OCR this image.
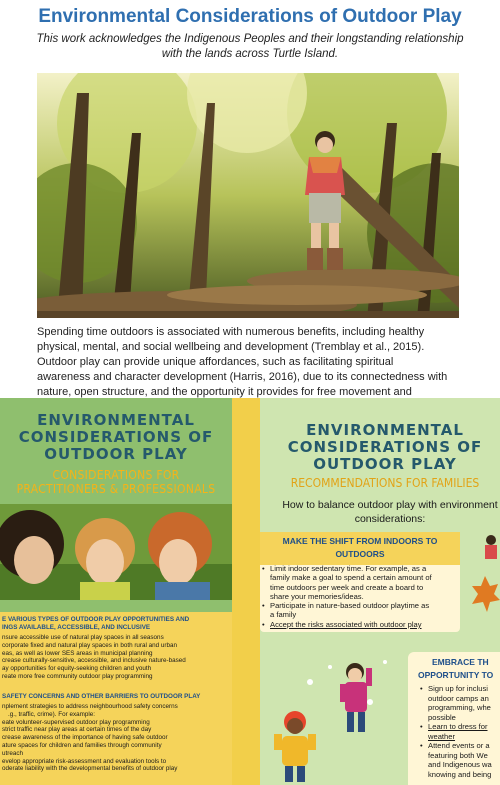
Environmental Considerations of Outdoor Play
This work acknowledges the Indigenous Peoples and their longstanding relationship
with the lands across Turtle Island.
Spending time outdoors is associated with numerous benefits, including healthy
physical, mental, and social wellbeing and development (Tremblay et al., 2015).
Outdoor play can provide unique affordances, such as facilitating spiritual
awareness and character development (Harris, 2016), due to its connectedness with
nature, open structure, and the opportunity it provides for free movement and
ENVIRONMENTAL
CONSIDERATIONS OF
OUTDOOR PLAY
CONSIDERATIONS FOR
PRACTITIONERS & PROFESSIONALS
E VARIOUS TYPES OF OUTDOOR PLAY OPPORTUNITIES AND
INGS AVAILABLE, ACCESSIBLE, AND INCLUSIVE
nsure accessible use of natural play spaces in all seasons
corporate fixed and natural play spaces in both rural and urban
eas, as well as lower SES areas in municipal planning
crease culturally-sensitive, accessible, and inclusive nature-based
ay opportunities for equity-seeking children and youth
reate more free community outdoor play programming
SAFETY CONCERNS AND OTHER BARRIERS TO OUTDOOR PLAY
nplement strategies to address neighbourhood safety concerns
.g., traffic, crime). For example:
eate volunteer-supervised outdoor play programming
strict traffic near play areas at certain times of the day
crease awareness of the importance of having safe outdoor
ature spaces for children and families through community
utreach
evelop appropriate risk-assessment and evaluation tools to
oderate liability with the developmental benefits of outdoor play
ENVIRONMENTAL
CONSIDERATIONS OF
OUTDOOR PLAY
RECOMMENDATIONS FOR FAMILIES
How to balance outdoor play with environment
considerations:
MAKE THE SHIFT FROM INDOORS TO
OUTDOORS
• Limit indoor sedentary time. For example, as a
family make a goal to spend a certain amount of
time outdoors per week and create a board to
share your memories/ideas.
• Participate in nature-based outdoor playtime as
a family
• Accept the risks associated with outdoor play
EMBRACE TH
OPPORTUNITY TO
• Sign up for inclusi
outdoor camps an
programming, whe
possible
• Learn to dress for
weather
• Attend events or a
featuring both We
and Indigenous wa
knowing and being
